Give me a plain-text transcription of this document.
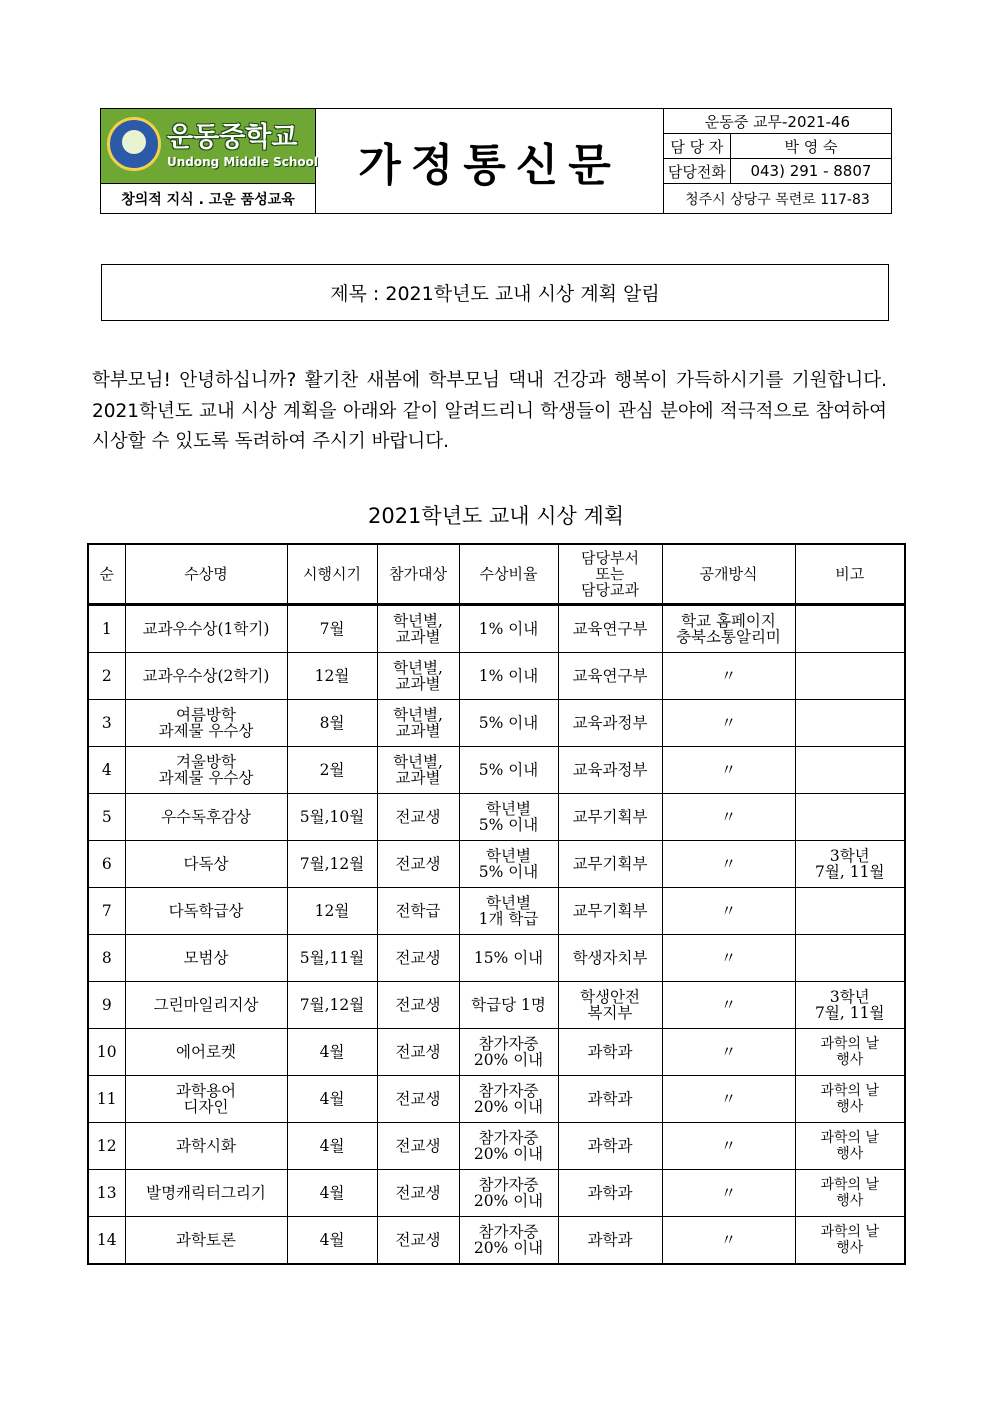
운동중학교
Undong Middle School	가정통신문	운동중 교무-2021-46	
		담 당 자	박 영 숙
		담당전화	043) 291 - 8807
창의적 지식 . 고운 품성교육		청주시 상당구 목련로 117-83	
제목 : 2021학년도 교내 시상 계획 알림
학부모님! 안녕하십니까? 활기찬 새봄에 학부모님 댁내 건강과 행복이 가득하시기를 기원합니다. 2021학년도 교내 시상 계획을 아래와 같이 알려드리니 학생들이 관심 분야에 적극적으로 참여하여 시상할 수 있도록 독려하여 주시기 바랍니다.
2021학년도 교내 시상 계획
순	수상명	시행시기	참가대상	수상비율	담당부서
또는
담당교과	공개방식	비고
1	교과우수상(1학기)	7월	학년별,
교과별	1% 이내	교육연구부	학교 홈페이지
충북소통알리미	
2	교과우수상(2학기)	12월	학년별,
교과별	1% 이내	교육연구부	〃	
3	여름방학
과제물 우수상	8월	학년별,
교과별	5% 이내	교육과정부	〃	
4	겨울방학
과제물 우수상	2월	학년별,
교과별	5% 이내	교육과정부	〃	
5	우수독후감상	5월,10월	전교생	학년별
5% 이내	교무기획부	〃	
6	다독상	7월,12월	전교생	학년별
5% 이내	교무기획부	〃	3학년
7월, 11월
7	다독학급상	12월	전학급	학년별
1개 학급	교무기획부	〃	
8	모범상	5월,11월	전교생	15% 이내	학생자치부	〃	
9	그린마일리지상	7월,12월	전교생	학급당 1명	학생안전
복지부	〃	3학년
7월, 11월
10	에어로켓	4월	전교생	참가자중
20% 이내	과학과	〃	과학의 날
행사
11	과학용어
디자인	4월	전교생	참가자중
20% 이내	과학과	〃	과학의 날
행사
12	과학시화	4월	전교생	참가자중
20% 이내	과학과	〃	과학의 날
행사
13	발명캐릭터그리기	4월	전교생	참가자중
20% 이내	과학과	〃	과학의 날
행사
14	과학토론	4월	전교생	참가자중
20% 이내	과학과	〃	과학의 날
행사
